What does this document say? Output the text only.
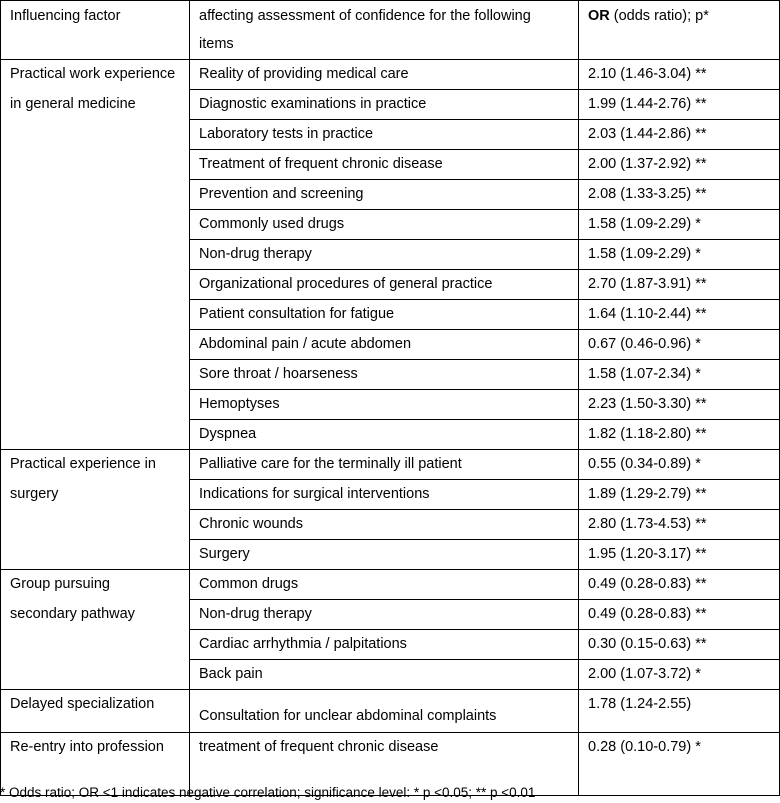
Influencing factor	affecting assessment of confidence for the following items	OR (odds ratio); p*
Practical work experience in general medicine	Reality of providing medical care	2.10 (1.46-3.04) **
	Diagnostic examinations in practice	1.99 (1.44-2.76) **
	Laboratory tests in practice	2.03 (1.44-2.86) **
	Treatment of frequent chronic disease	2.00 (1.37-2.92) **
	Prevention and screening	2.08 (1.33-3.25) **
	Commonly used drugs	1.58 (1.09-2.29) *
	Non-drug therapy	1.58 (1.09-2.29) *
	Organizational procedures of general practice	2.70 (1.87-3.91) **
	Patient consultation for fatigue	1.64 (1.10-2.44) **
	Abdominal pain / acute abdomen	0.67 (0.46-0.96) *
	Sore throat / hoarseness	1.58 (1.07-2.34) *
	Hemoptyses	2.23 (1.50-3.30) **
	Dyspnea	1.82 (1.18-2.80) **
Practical experience in surgery	Palliative care for the terminally ill patient	0.55 (0.34-0.89) *
	Indications for surgical interventions	1.89 (1.29-2.79) **
	Chronic wounds	2.80 (1.73-4.53) **
	Surgery	1.95 (1.20-3.17) **
Group pursuing secondary pathway	Common drugs	0.49 (0.28-0.83) **
	Non-drug therapy	0.49 (0.28-0.83) **
	Cardiac arrhythmia / palpitations	0.30 (0.15-0.63) **
	Back pain	2.00 (1.07-3.72) *
Delayed specialization	Consultation for unclear abdominal complaints	1.78 (1.24-2.55)
Re-entry into profession	treatment of frequent chronic disease	0.28 (0.10-0.79) *
* Odds ratio; OR <1 indicates negative correlation; significance level: * p <0.05; ** p <0.01
